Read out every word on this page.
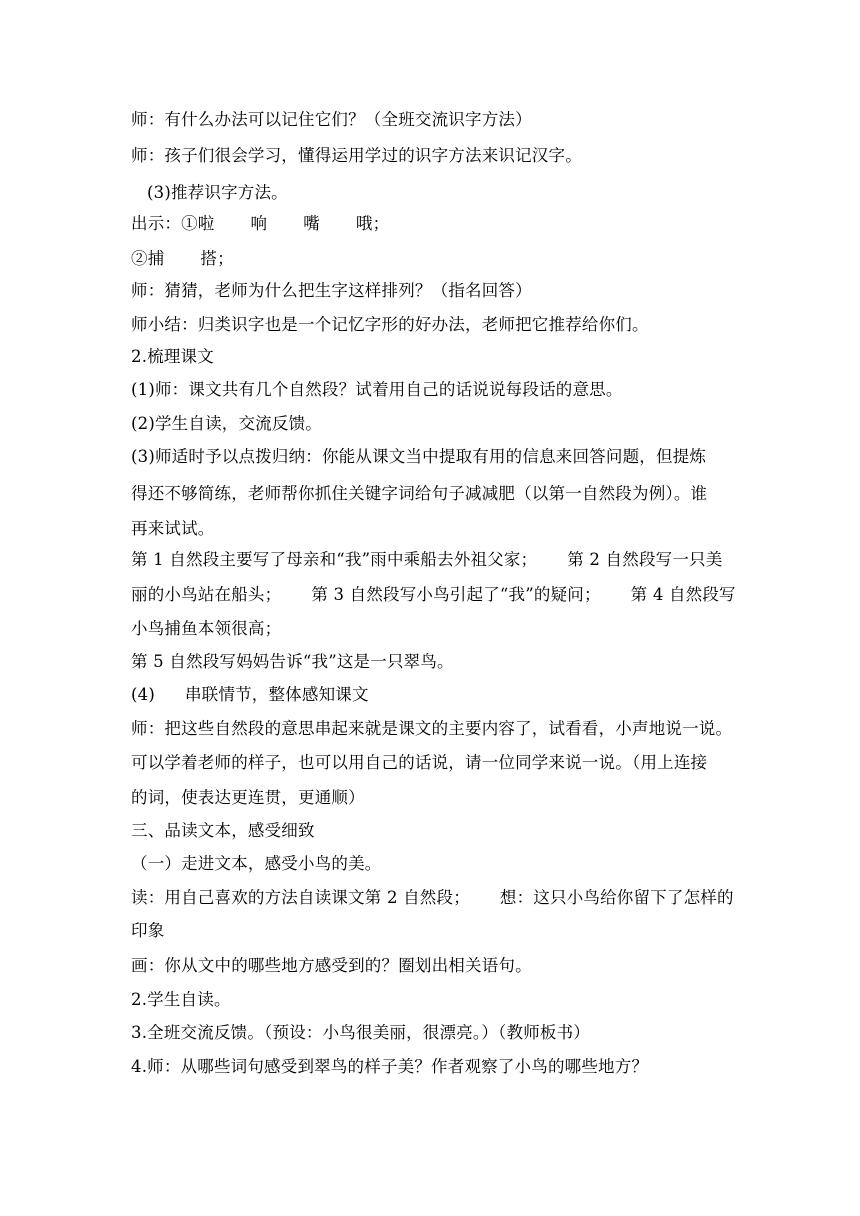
师：有什么办法可以记住它们？（全班交流识字方法）
师：孩子们很会学习，懂得运用学过的识字方法来识记汉字。
(3)推荐识字方法。
出示：①啦 响 嘴 哦；
②捕 搭；
师：猜猜，老师为什么把生字这样排列？（指名回答）
师小结：归类识字也是一个记忆字形的好办法，老师把它推荐给你们。
2.梳理课文
(1)师：课文共有几个自然段？试着用自己的话说说每段话的意思。
(2)学生自读，交流反馈。
(3)师适时予以点拨归纳：你能从课文当中提取有用的信息来回答问题，但提炼
得还不够简练，老师帮你抓住关键字词给句子减减肥（以第一自然段为例）。谁
再来试试。
第 1 自然段主要写了母亲和“我”雨中乘船去外祖父家； 第 2 自然段写一只美
丽的小鸟站在船头； 第 3 自然段写小鸟引起了“我”的疑问； 第 4 自然段写
小鸟捕鱼本领很高；
第 5 自然段写妈妈告诉“我”这是一只翠鸟。
(4) 串联情节，整体感知课文
师：把这些自然段的意思串起来就是课文的主要内容了，试看看，小声地说一说。
可以学着老师的样子，也可以用自己的话说，请一位同学来说一说。（用上连接
的词，使表达更连贯，更通顺）
三、品读文本，感受细致
（一）走进文本，感受小鸟的美。
读：用自己喜欢的方法自读课文第 2 自然段； 想：这只小鸟给你留下了怎样的
印象
画：你从文中的哪些地方感受到的？圈划出相关语句。
2.学生自读。
3.全班交流反馈。（预设：小鸟很美丽，很漂亮。）（教师板书）
4.师：从哪些词句感受到翠鸟的样子美？作者观察了小鸟的哪些地方？
